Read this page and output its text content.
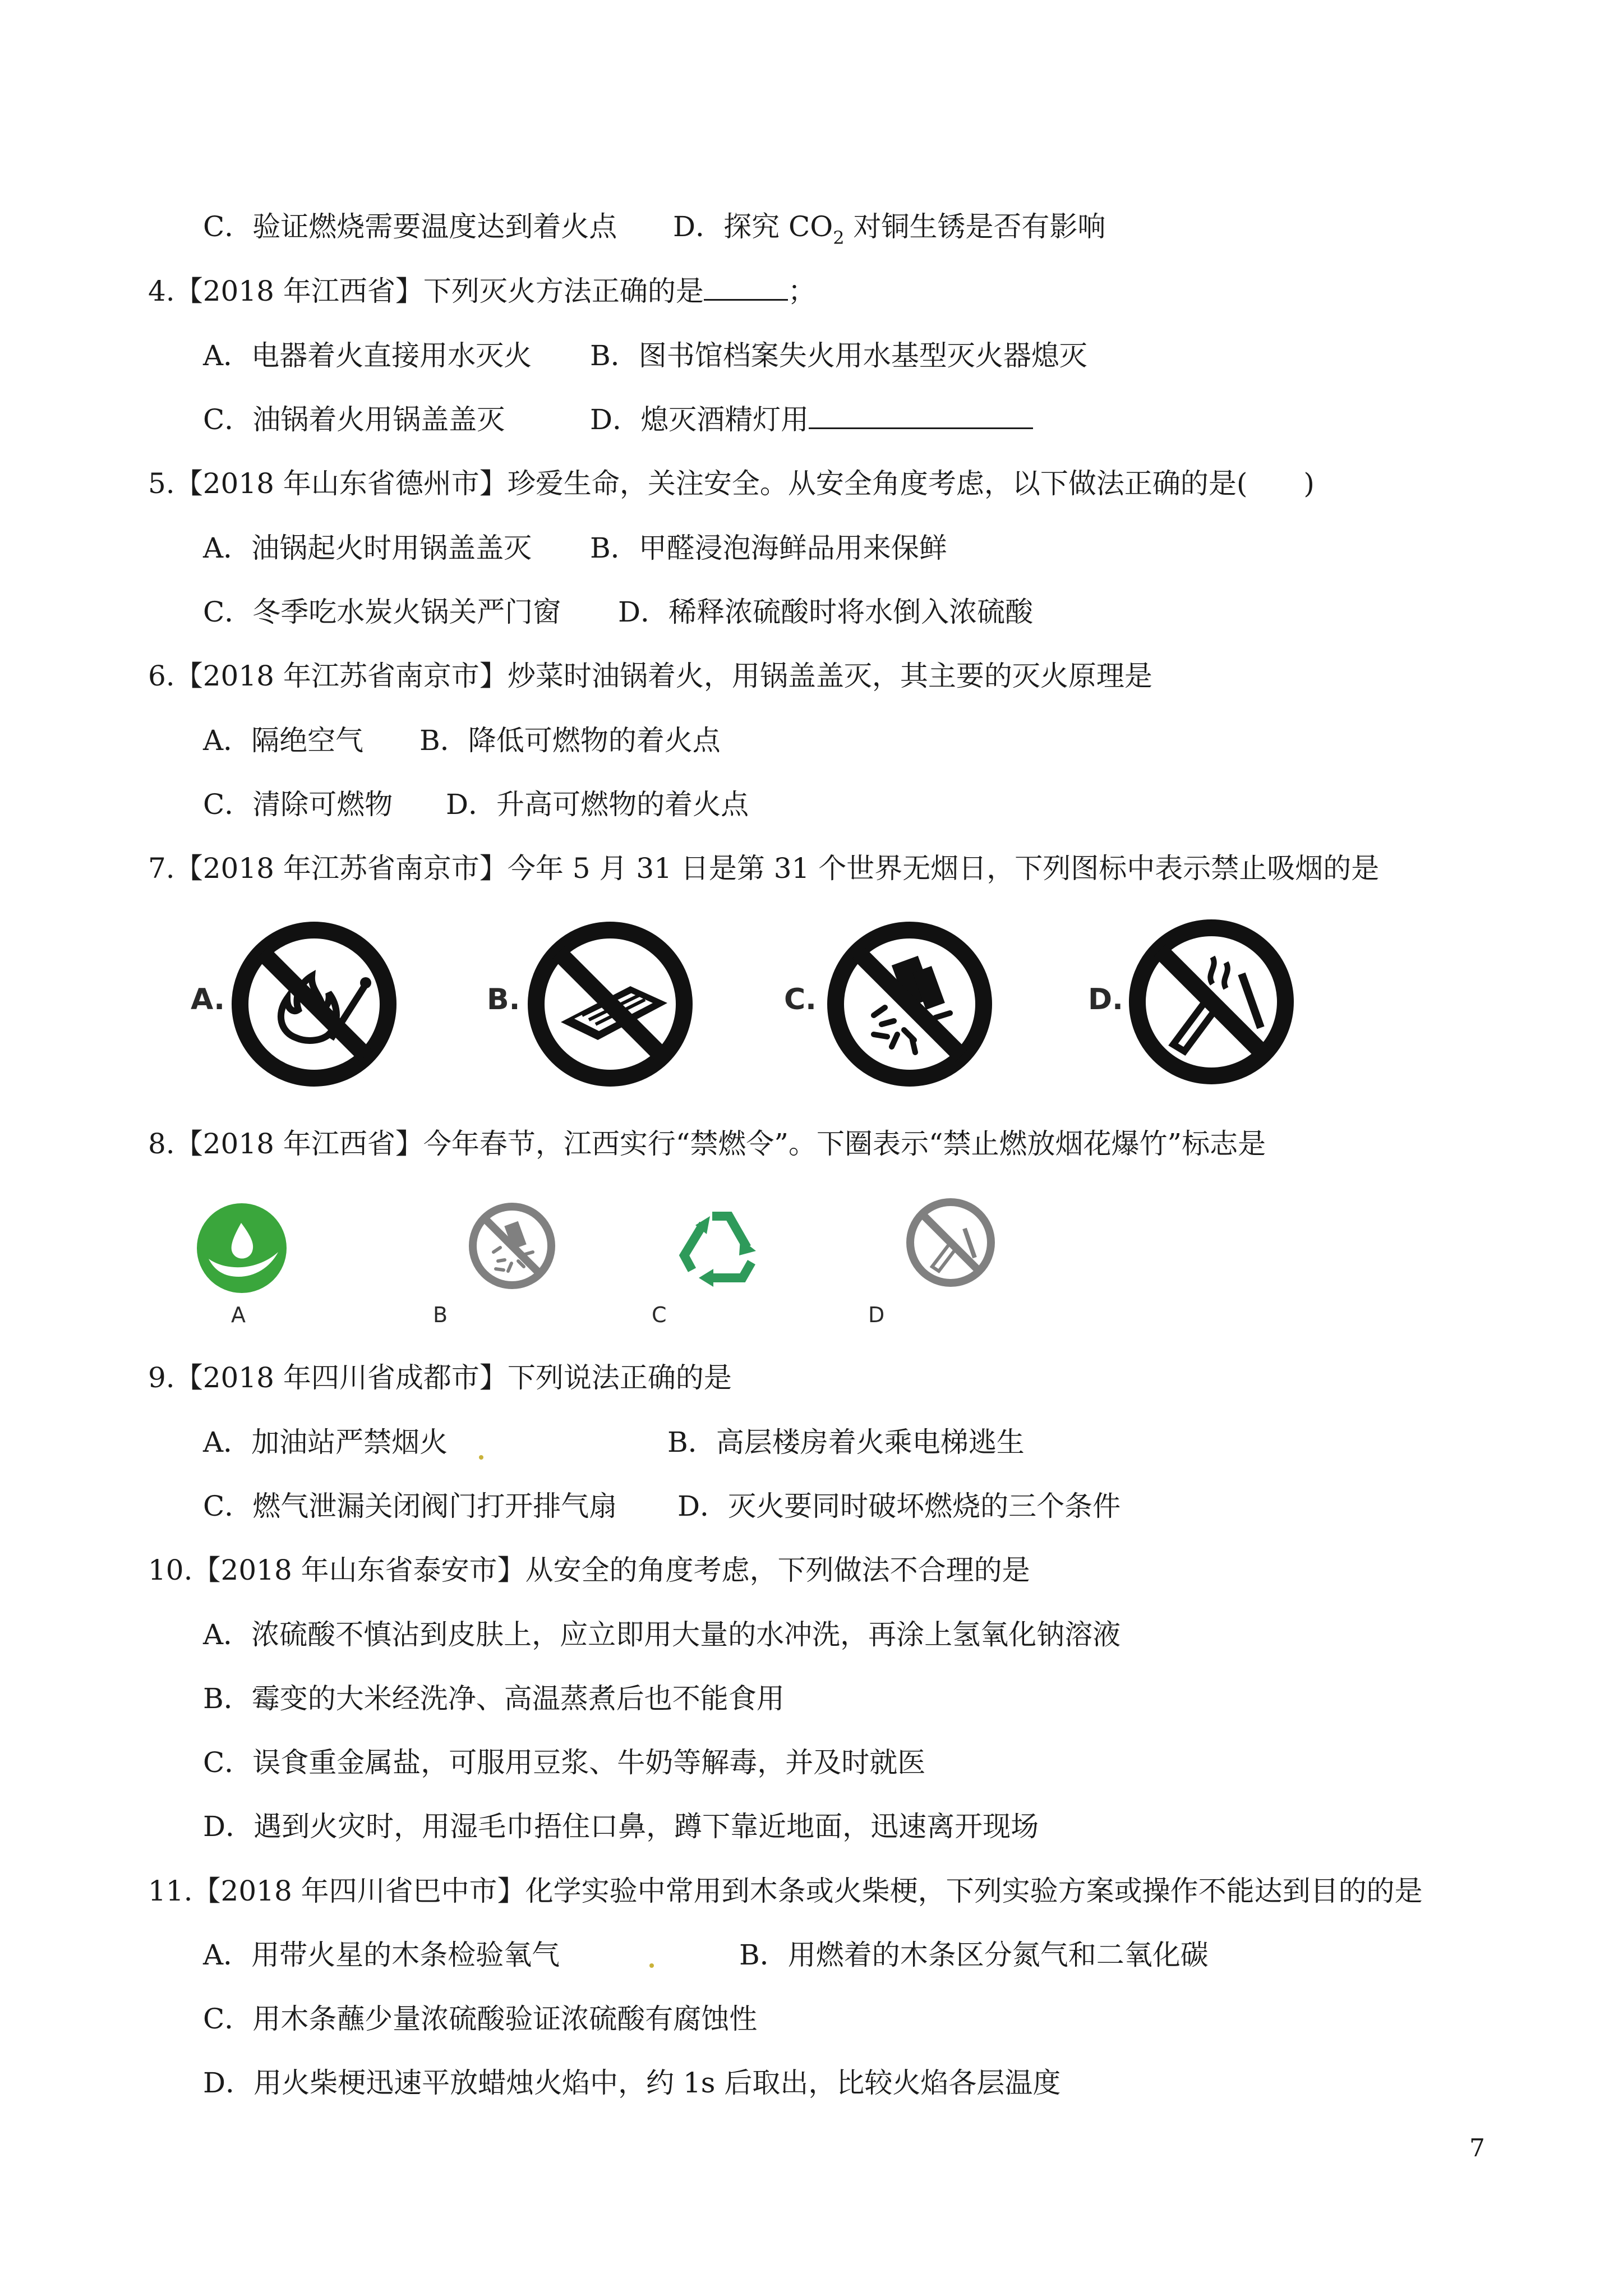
C．验证燃烧需要温度达到着火点 D．探究 $CO_2$ 对铜生锈是否有影响
4.【2018 年江西省】下列灭火方法正确的是	；
A．电器着火直接用水灭火 B．图书馆档案失火用水基型灭火器熄灭
C．油锅着火用锅盖盖灭	D．熄灭酒精灯用
5.【2018 年山东省德州市】珍爱生命，关注安全。从安全角度考虑，以下做法正确的是(　　)
A．油锅起火时用锅盖盖灭 B．甲醛浸泡海鲜品用来保鲜
C．冬季吃水炭火锅关严门窗 D．稀释浓硫酸时将水倒入浓硫酸
6.【2018 年江苏省南京市】炒菜时油锅着火，用锅盖盖灭，其主要的灭火原理是
A．隔绝空气 B．降低可燃物的着火点
C．清除可燃物 D．升高可燃物的着火点
7.【2018 年江苏省南京市】今年 5 月 31 日是第 31 个世界无烟日，下列图标中表示禁止吸烟的是
A.	B.	C.	D.
8.【2018 年江西省】今年春节，江西实行“禁燃令”。下圈表示“禁止燃放烟花爆竹”标志是
A	B	C	D
9.【2018 年四川省成都市】下列说法正确的是
A．加油站严禁烟火	B．高层楼房着火乘电梯逃生
C．燃气泄漏关闭阀门打开排气扇 D．灭火要同时破坏燃烧的三个条件
10.【2018 年山东省泰安市】从安全的角度考虑，下列做法不合理的是
A．浓硫酸不慎沾到皮肤上，应立即用大量的水冲洗，再涂上氢氧化钠溶液
B．霉变的大米经洗净、高温蒸煮后也不能食用
C．误食重金属盐，可服用豆浆、牛奶等解毒，并及时就医
D．遇到火灾时，用湿毛巾捂住口鼻，蹲下靠近地面，迅速离开现场
11.【2018 年四川省巴中市】化学实验中常用到木条或火柴梗，下列实验方案或操作不能达到目的的是
A．用带火星的木条检验氧气	B．用燃着的木条区分氮气和二氧化碳
C．用木条蘸少量浓硫酸验证浓硫酸有腐蚀性
D．用火柴梗迅速平放蜡烛火焰中，约 1s 后取出，比较火焰各层温度
7
